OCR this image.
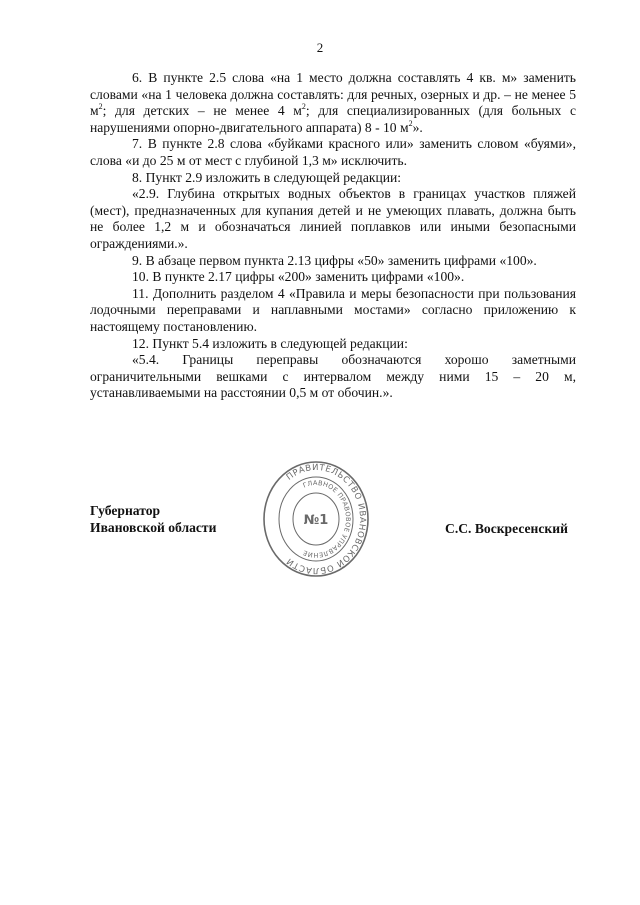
2

6. В пункте 2.5 слова «на 1 место должна составлять 4 кв. м» заменить словами «на 1 человека должна составлять: для речных, озерных и др. – не менее 5 $м^2$; для детских – не менее 4 $м^2$; для специализированных (для больных с нарушениями опорно-двигательного аппарата) 8 - 10 $м^2$».

7. В пункте 2.8 слова «буйками красного или» заменить словом «буями», слова «и до 25 м от мест с глубиной 1,3 м» исключить.

8. Пункт 2.9 изложить в следующей редакции:

«2.9. Глубина открытых водных объектов в границах участков пляжей (мест), предназначенных для купания детей и не умеющих плавать, должна быть не более 1,2 м и обозначаться линией поплавков или иными безопасными ограждениями.».

9. В абзаце первом пункта 2.13 цифры «50» заменить цифрами «100».

10. В пункте 2.17 цифры «200» заменить цифрами «100».

11. Дополнить разделом 4 «Правила и меры безопасности при пользования лодочными переправами и наплавными мостами» согласно приложению к настоящему постановлению.

12. Пункт 5.4 изложить в следующей редакции:

«5.4. Границы переправы обозначаются хорошо заметными ограничительными вешками с интервалом между ними 15 – 20 м, устанавливаемыми на расстоянии 0,5 м от обочин.».

ПРАВИТЕЛЬСТВО ИВАНОВСКОЙ ОБЛАСТИ
ГЛАВНОЕ ПРАВОВОЕ УПРАВЛЕНИЕ
№1
Губернатор
Ивановской области	С.С. Воскресенский
